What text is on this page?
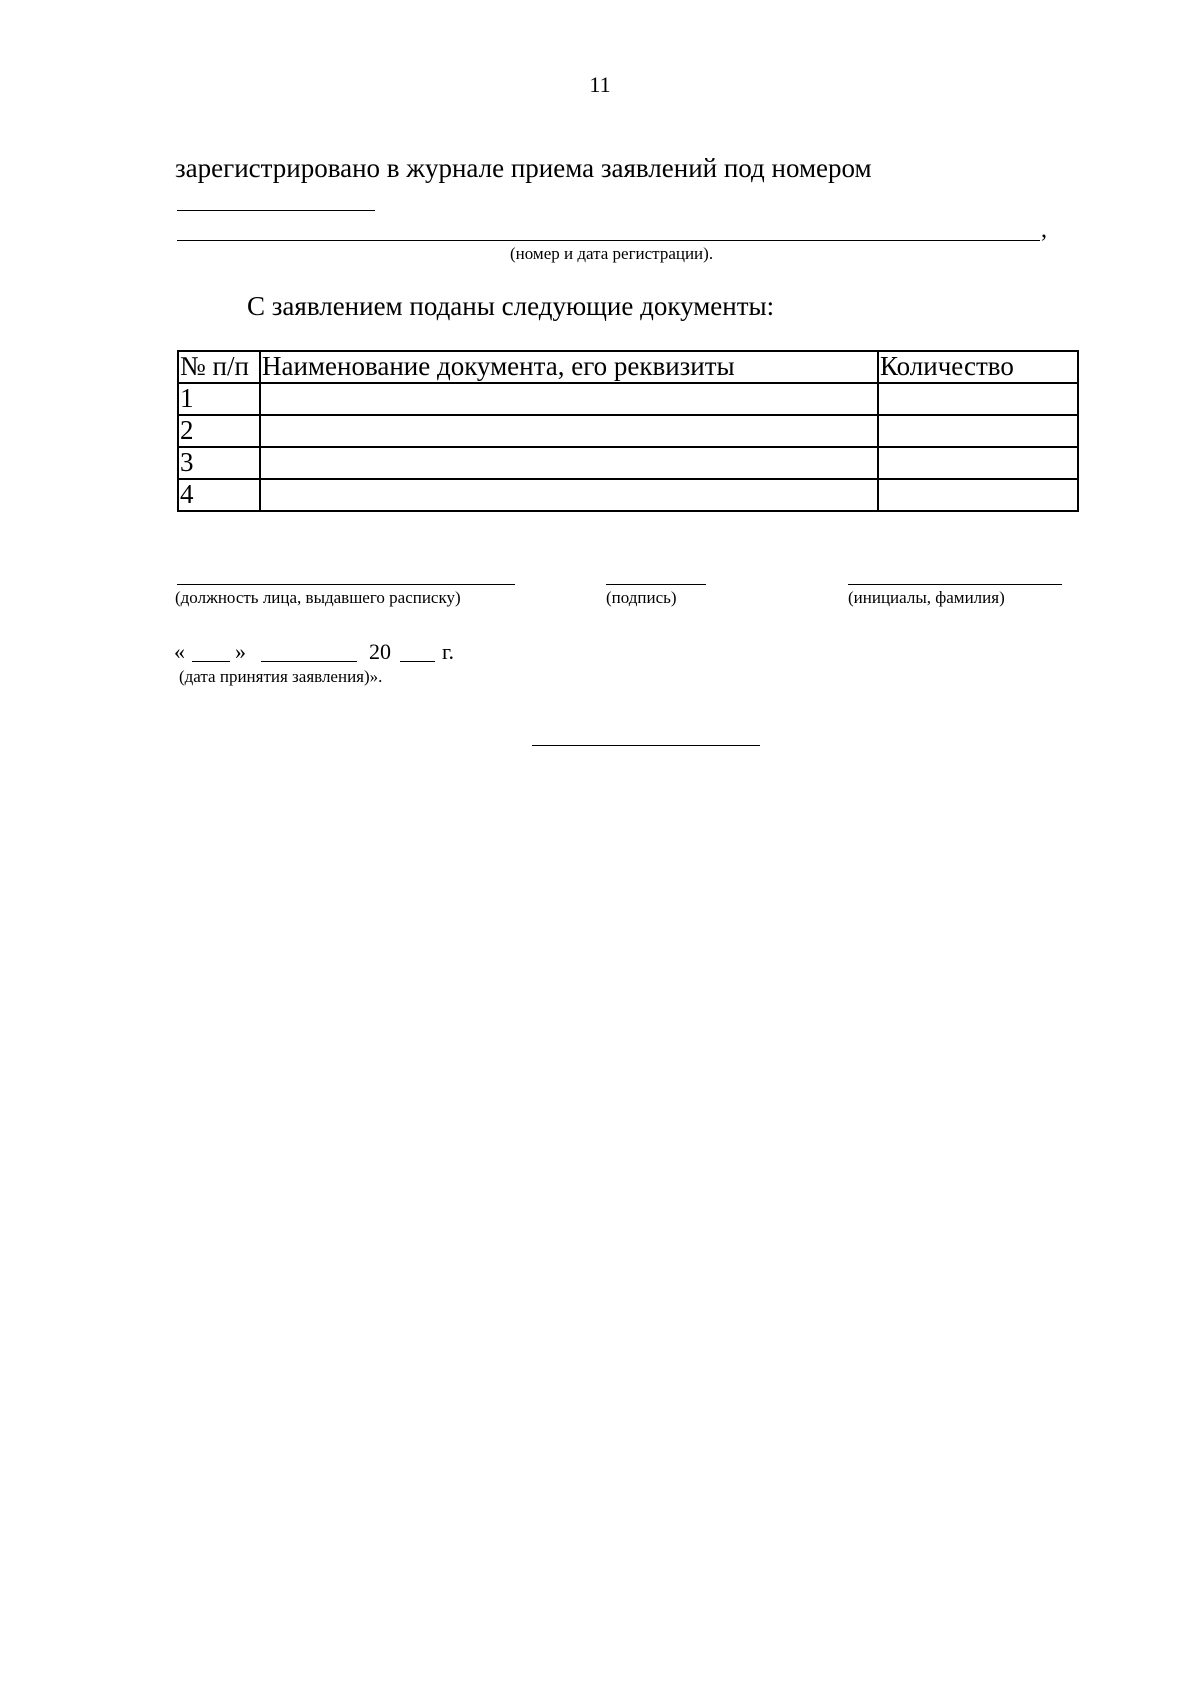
11
зарегистрировано в журнале приема заявлений под номером
,
(номер и дата регистрации).
С заявлением поданы следующие документы:
№ п/п	Наименование документа, его реквизиты	Количество
1		
2		
3		
4		
(должность лица, выдавшего расписку)	(подпись)	(инициалы, фамилия)
« »	20 г.
(дата принятия заявления)».
